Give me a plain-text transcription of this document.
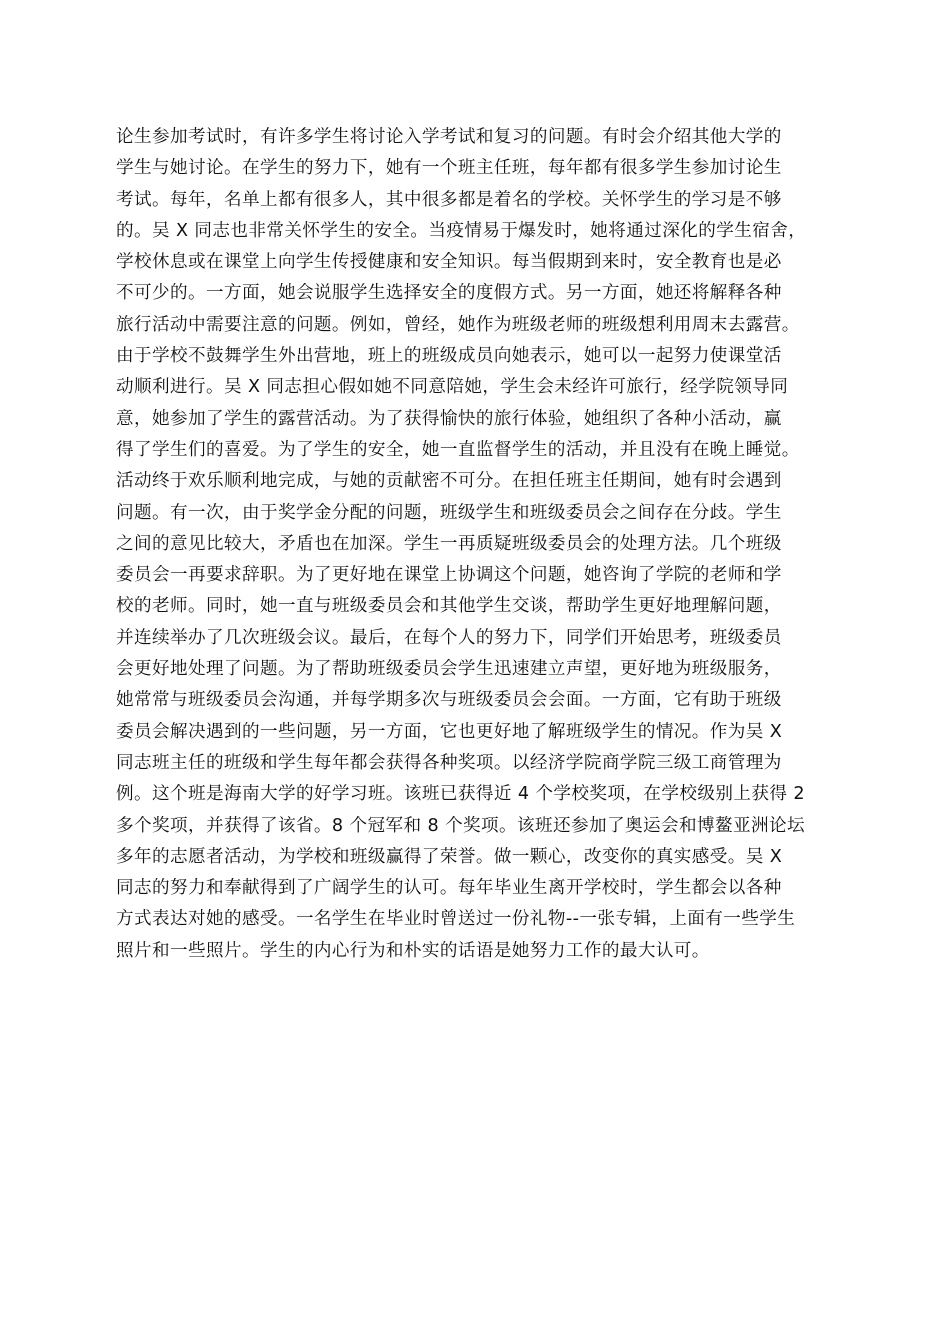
论生参加考试时，有许多学生将讨论入学考试和复习的问题。有时会介绍其他大学的
学生与她讨论。在学生的努力下，她有一个班主任班，每年都有很多学生参加讨论生
考试。每年，名单上都有很多人，其中很多都是着名的学校。关怀学生的学习是不够
的。吴 X 同志也非常关怀学生的安全。当疫情易于爆发时，她将通过深化的学生宿舍，
学校休息或在课堂上向学生传授健康和安全知识。每当假期到来时，安全教育也是必
不可少的。一方面，她会说服学生选择安全的度假方式。另一方面，她还将解释各种
旅行活动中需要注意的问题。例如，曾经，她作为班级老师的班级想利用周末去露营。
由于学校不鼓舞学生外出营地，班上的班级成员向她表示，她可以一起努力使课堂活
动顺利进行。吴 X 同志担心假如她不同意陪她，学生会未经许可旅行，经学院领导同
意，她参加了学生的露营活动。为了获得愉快的旅行体验，她组织了各种小活动，赢
得了学生们的喜爱。为了学生的安全，她一直监督学生的活动，并且没有在晚上睡觉。
活动终于欢乐顺利地完成，与她的贡献密不可分。在担任班主任期间，她有时会遇到
问题。有一次，由于奖学金分配的问题，班级学生和班级委员会之间存在分歧。学生
之间的意见比较大，矛盾也在加深。学生一再质疑班级委员会的处理方法。几个班级
委员会一再要求辞职。为了更好地在课堂上协调这个问题，她咨询了学院的老师和学
校的老师。同时，她一直与班级委员会和其他学生交谈，帮助学生更好地理解问题，
并连续举办了几次班级会议。最后，在每个人的努力下，同学们开始思考，班级委员
会更好地处理了问题。为了帮助班级委员会学生迅速建立声望，更好地为班级服务，
她常常与班级委员会沟通，并每学期多次与班级委员会会面。一方面，它有助于班级
委员会解决遇到的一些问题，另一方面，它也更好地了解班级学生的情况。作为吴 X
同志班主任的班级和学生每年都会获得各种奖项。以经济学院商学院三级工商管理为
例。这个班是海南大学的好学习班。该班已获得近 4 个学校奖项，在学校级别上获得 2
多个奖项，并获得了该省。8 个冠军和 8 个奖项。该班还参加了奥运会和博鳌亚洲论坛
多年的志愿者活动，为学校和班级赢得了荣誉。做一颗心，改变你的真实感受。吴 X
同志的努力和奉献得到了广阔学生的认可。每年毕业生离开学校时，学生都会以各种
方式表达对她的感受。一名学生在毕业时曾送过一份礼物--一张专辑，上面有一些学生
照片和一些照片。学生的内心行为和朴实的话语是她努力工作的最大认可。
